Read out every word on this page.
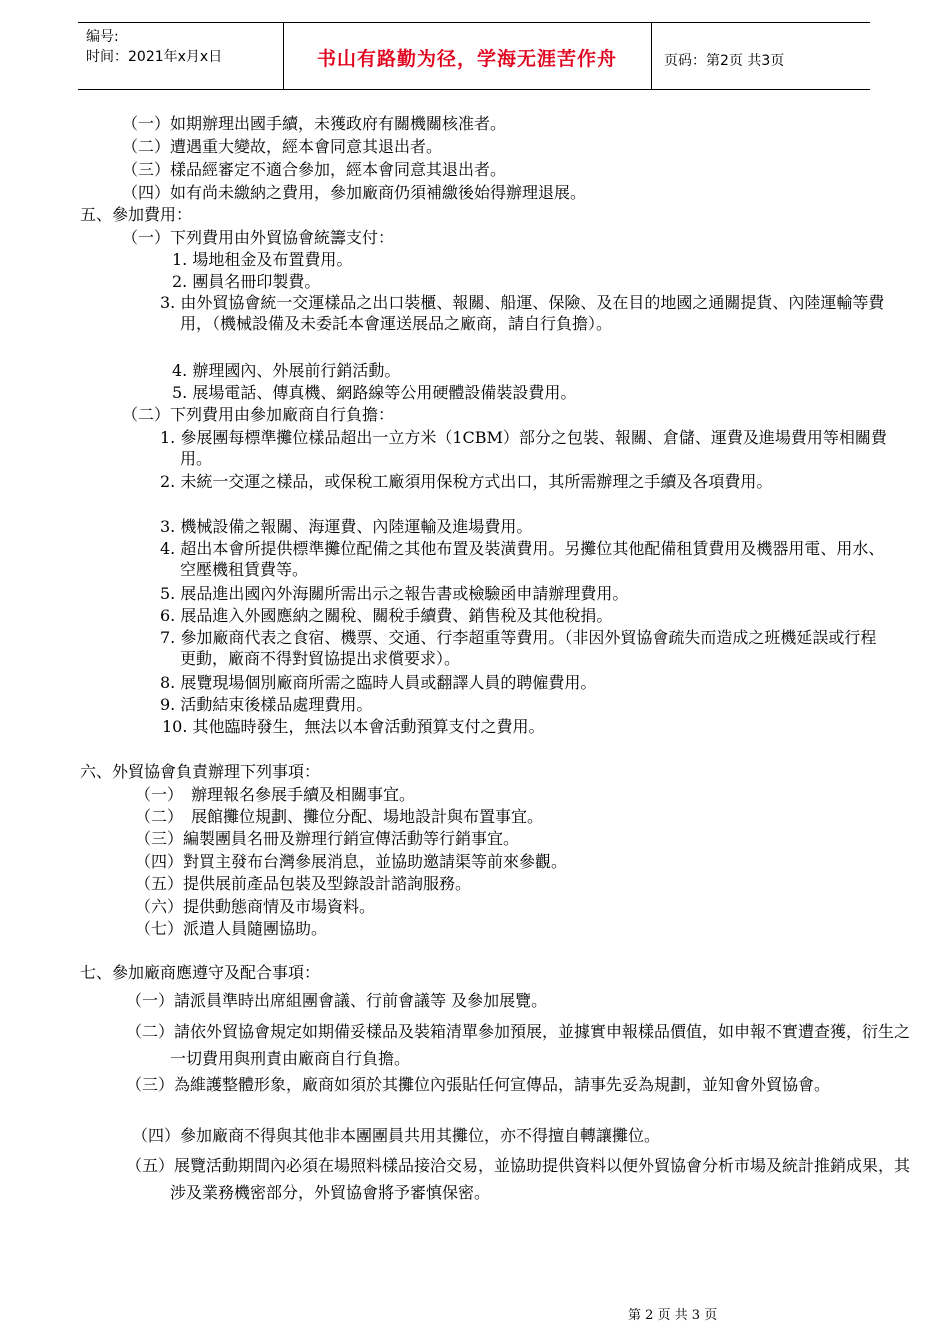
编号:
时间：2021年x月x日	书山有路勤为径，学海无涯苦作舟	页码：第2页 共3页
（一）如期辦理出國手續，未獲政府有關機關核准者。
（二）遭遇重大變故，經本會同意其退出者。
（三）樣品經審定不適合參加，經本會同意其退出者。
（四）如有尚未繳納之費用，參加廠商仍須補繳後始得辦理退展。
五、參加費用：
（一）下列費用由外貿協會統籌支付：
1. 場地租金及布置費用。
2. 團員名冊印製費。
3. 由外貿協會統一交運樣品之出口裝櫃、報關、船運、保險、及在目的地國之通關提貨、內陸運輸等費用，（機械設備及未委託本會運送展品之廠商，請自行負擔）。
4. 辦理國內、外展前行銷活動。
5. 展場電話、傳真機、網路線等公用硬體設備裝設費用。
（二）下列費用由參加廠商自行負擔：
1. 參展團每標準攤位樣品超出一立方米（1CBM）部分之包裝、報關、倉儲、運費及進場費用等相關費用。
2. 未統一交運之樣品，或保稅工廠須用保稅方式出口，其所需辦理之手續及各項費用。
3. 機械設備之報關、海運費、內陸運輸及進場費用。
4. 超出本會所提供標準攤位配備之其他布置及裝潢費用。另攤位其他配備租賃費用及機器用電、用水、空壓機租賃費等。
5. 展品進出國內外海關所需出示之報告書或檢驗函申請辦理費用。
6. 展品進入外國應納之關稅、關稅手續費、銷售稅及其他稅捐。
7. 參加廠商代表之食宿、機票、交通、行李超重等費用。（非因外貿協會疏失而造成之班機延誤或行程更動，廠商不得對貿協提出求償要求）。
8. 展覽現場個別廠商所需之臨時人員或翻譯人員的聘僱費用。
9. 活動結束後樣品處理費用。
10. 其他臨時發生，無法以本會活動預算支付之費用。
六、外貿協會負責辦理下列事項：
（一）　辦理報名參展手續及相關事宜。
（二）　展館攤位規劃、攤位分配、場地設計與布置事宜。
（三）編製團員名冊及辦理行銷宣傳活動等行銷事宜。
（四）對買主發布台灣參展消息，並協助邀請渠等前來參觀。
（五）提供展前產品包裝及型錄設計諮詢服務。
（六）提供動態商情及市場資料。
（七）派遣人員隨團協助。
七、參加廠商應遵守及配合事項：
（一）請派員準時出席組團會議、行前會議等 及參加展覽。
（二）請依外貿協會規定如期備妥樣品及裝箱清單參加預展，並據實申報樣品價值，如申報不實遭查獲，衍生之一切費用與刑責由廠商自行負擔。
（三）為維護整體形象，廠商如須於其攤位內張貼任何宣傳品，請事先妥為規劃，並知會外貿協會。
（四）參加廠商不得與其他非本團團員共用其攤位，亦不得擅自轉讓攤位。
（五）展覽活動期間內必須在場照料樣品接洽交易，並協助提供資料以便外貿協會分析市場及統計推銷成果，其涉及業務機密部分，外貿協會將予審慎保密。
第 2 页 共 3 页
